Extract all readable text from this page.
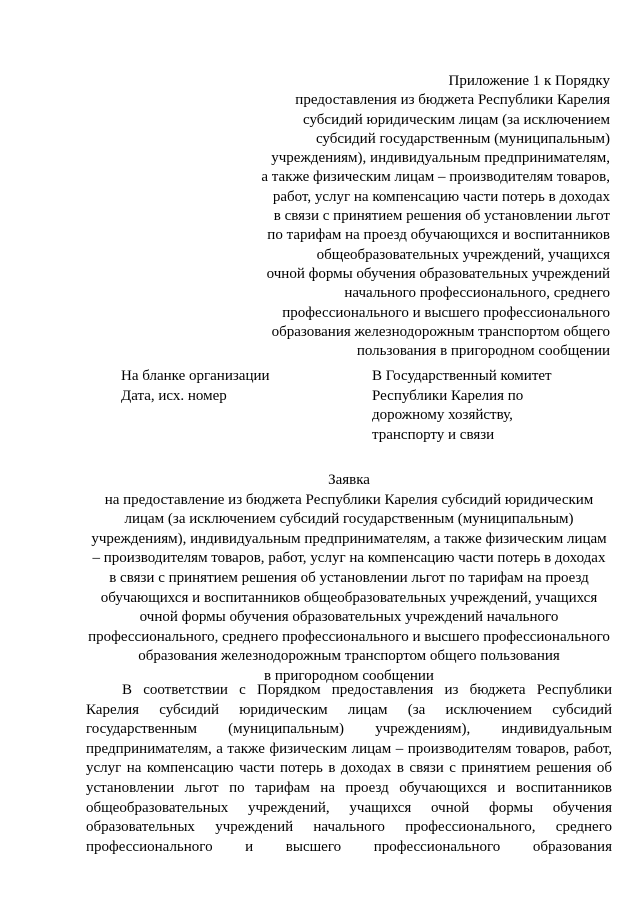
Приложение 1 к Порядку
предоставления из бюджета Республики Карелия
субсидий юридическим лицам (за исключением
субсидий государственным (муниципальным)
учреждениям), индивидуальным предпринимателям,
а также физическим лицам – производителям товаров,
работ, услуг на компенсацию части потерь в доходах
в связи с принятием решения об установлении льгот
по тарифам на проезд обучающихся и воспитанников
общеобразовательных учреждений, учащихся
очной формы обучения образовательных учреждений
начального профессионального, среднего
профессионального и высшего профессионального
образования железнодорожным транспортом общего
пользования в пригородном сообщении
На бланке организации
Дата, исх. номер
В Государственный комитет
Республики Карелия по
дорожному хозяйству,
транспорту и связи
Заявка
на предоставление из бюджета Республики Карелия субсидий юридическим
лицам (за исключением субсидий государственным (муниципальным)
учреждениям), индивидуальным предпринимателям, а также физическим лицам
– производителям товаров, работ, услуг на компенсацию части потерь в доходах
в связи с принятием решения об установлении льгот по тарифам на проезд
обучающихся и воспитанников общеобразовательных учреждений, учащихся
очной формы обучения образовательных учреждений начального
профессионального, среднего профессионального и высшего профессионального
образования железнодорожным транспортом общего пользования
в пригородном сообщении
В соответствии с Порядком предоставления из бюджета Республики
Карелия субсидий юридическим лицам (за исключением субсидий
государственным (муниципальным) учреждениям), индивидуальным
предпринимателям, а также физическим лицам – производителям товаров, работ,
услуг на компенсацию части потерь в доходах в связи с принятием решения об
установлении льгот по тарифам на проезд обучающихся и воспитанников
общеобразовательных учреждений, учащихся очной формы обучения
образовательных учреждений начального профессионального, среднего
профессионального и высшего профессионального образования
